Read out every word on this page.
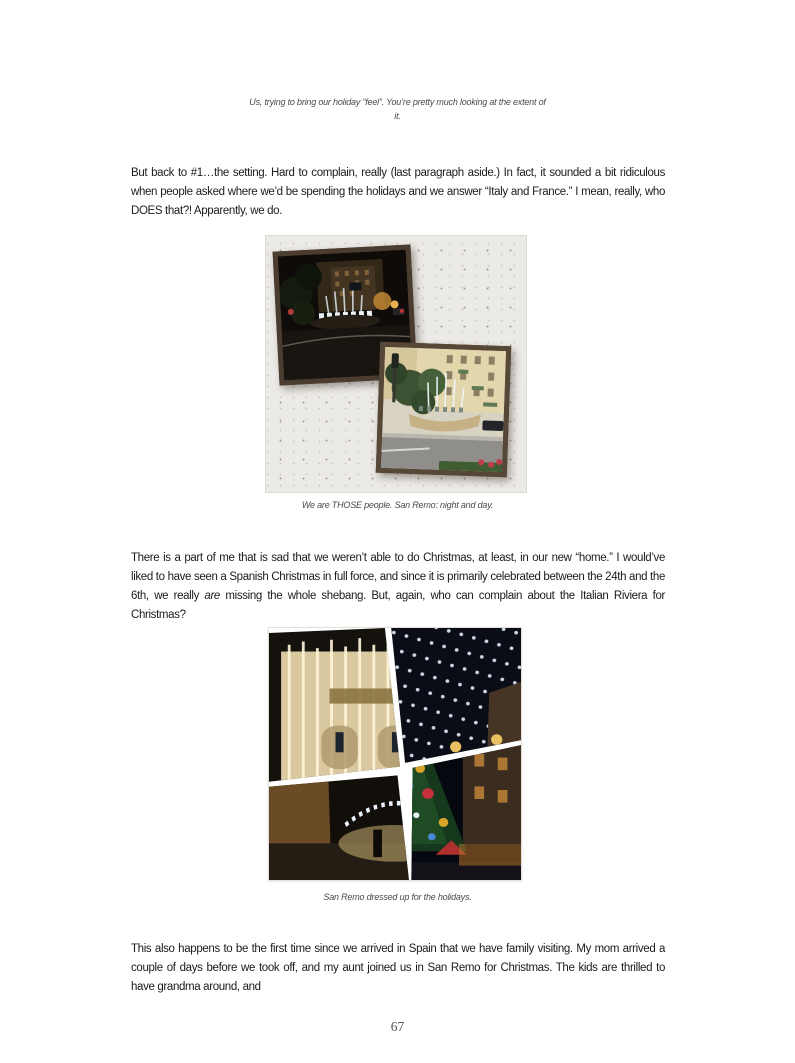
Us, trying to bring our holiday “feel”. You’re pretty much looking at the extent of it.

But back to #1…the setting. Hard to complain, really (last paragraph aside.) In fact, it sounded a bit ridiculous when people asked where we’d be spending the holidays and we answer “Italy and France.” I mean, really, who DOES that?! Apparently, we do.

We are THOSE people. San Remo: night and day.

There is a part of me that is sad that we weren’t able to do Christmas, at least, in our new “home.” I would’ve liked to have seen a Spanish Christmas in full force, and since it is primarily celebrated between the 24th and the 6th, we really are missing the whole shebang. But, again, who can complain about the Italian Riviera for Christmas?

San Remo dressed up for the holidays.

This also happens to be the first time since we arrived in Spain that we have family visiting. My mom arrived a couple of days before we took off, and my aunt joined us in San Remo for Christmas. The kids are thrilled to have grandma around, and

67
